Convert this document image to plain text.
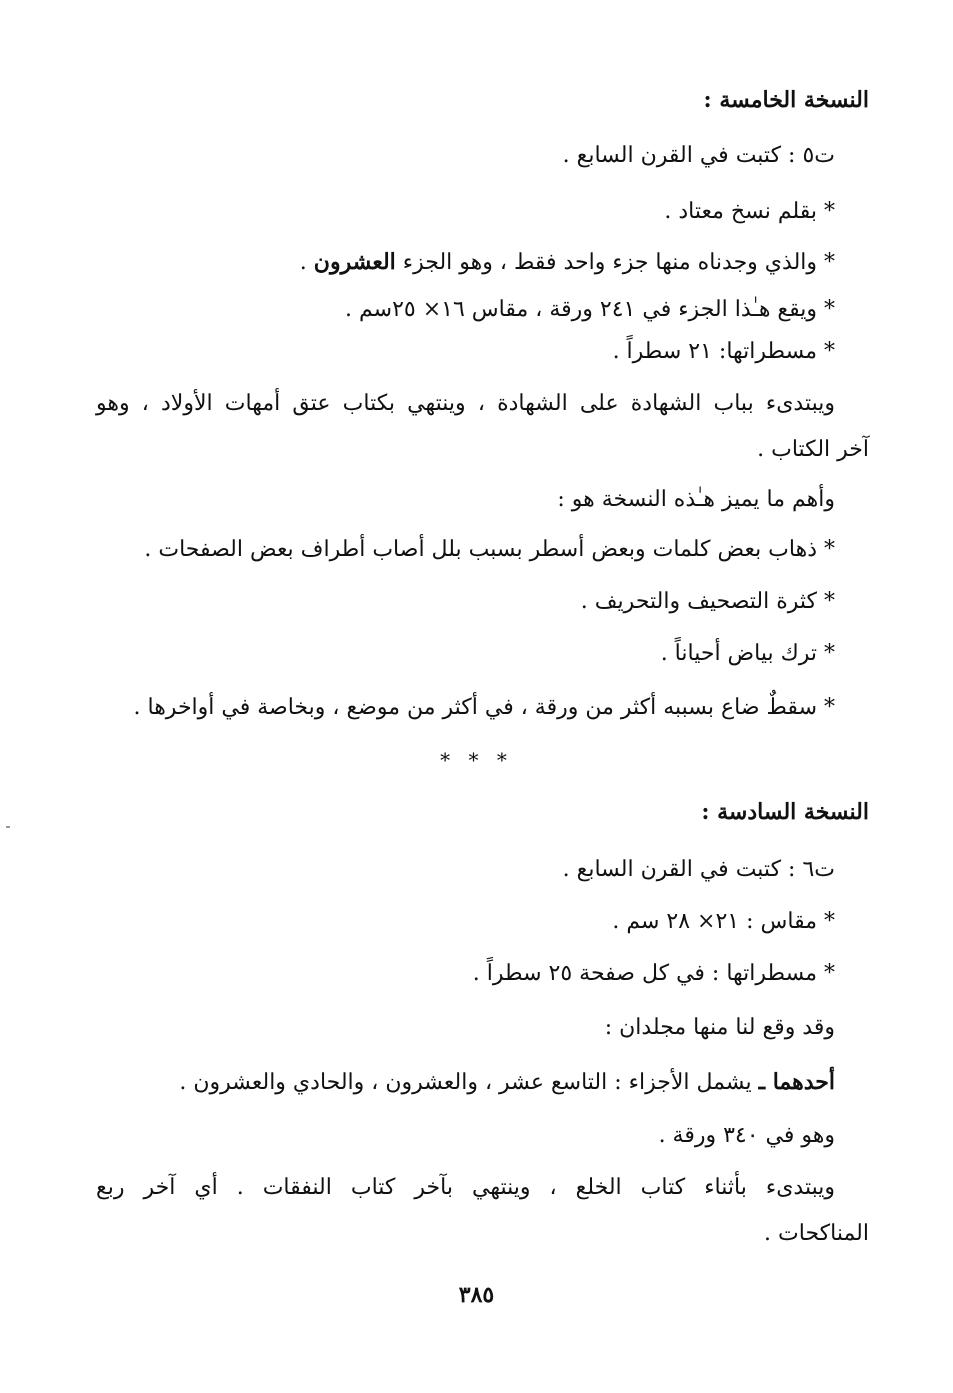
النسخة الخامسة :
ت٥ : كتبت في القرن السابع .
* بقلم نسخ معتاد .
* والذي وجدناه منها جزء واحد فقط ، وهو الجزء العشرون .
* ويقع هـٰذا الجزء في ٢٤١ ورقة ، مقاس ١٦× ٢٥سم .
* مسطراتها: ٢١ سطراً .
ويبتدىء بباب الشهادة على الشهادة ، وينتهي بكتاب عتق أمهات الأولاد ، وهو
آخر الكتاب .
وأهم ما يميز هـٰذه النسخة هو :
* ذهاب بعض كلمات وبعض أسطر بسبب بلل أصاب أطراف بعض الصفحات .
* كثرة التصحيف والتحريف .
* ترك بياض أحياناً .
* سقطٌ ضاع بسببه أكثر من ورقة ، في أكثر من موضع ، وبخاصة في أواخرها .
* * *
النسخة السادسة :
ت٦ : كتبت في القرن السابع .
* مقاس : ٢١× ٢٨ سم .
* مسطراتها : في كل صفحة ٢٥ سطراً .
وقد وقع لنا منها مجلدان :
أحدهما ـ يشمل الأجزاء : التاسع عشر ، والعشرون ، والحادي والعشرون .
وهو في ٣٤٠ ورقة .
ويبتدىء بأثناء كتاب الخلع ، وينتهي بآخر كتاب النفقات . أي آخر ربع
المناكحات .
٣٨٥
